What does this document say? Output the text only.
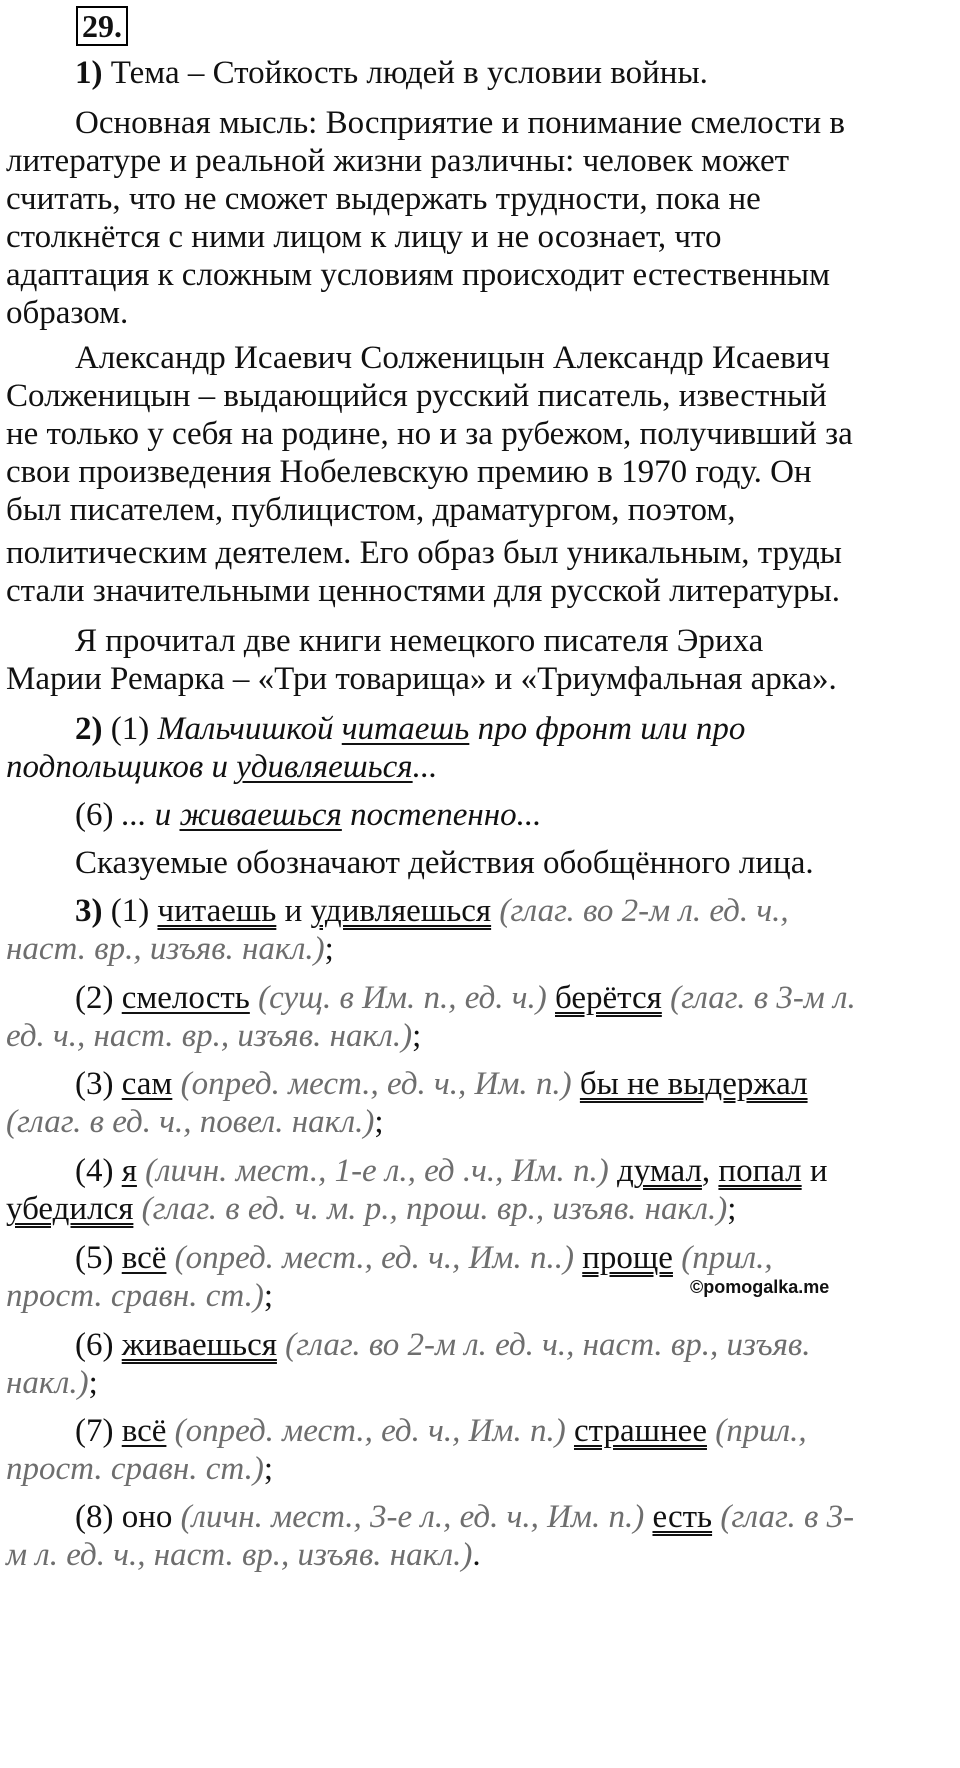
29.
1) Тема – Стойкость людей в условии войны.
Основная мысль: Восприятие и понимание смелости в
литературе и реальной жизни различны: человек может
считать, что не сможет выдержать трудности, пока не
столкнётся с ними лицом к лицу и не осознает, что
адаптация к сложным условиям происходит естественным
образом.
Александр Исаевич Солженицын Александр Исаевич
Солженицын – выдающийся русский писатель, известный
не только у себя на родине, но и за рубежом, получивший за
свои произведения Нобелевскую премию в 1970 году. Он
был писателем, публицистом, драматургом, поэтом,
политическим деятелем. Его образ был уникальным, труды
стали значительными ценностями для русской литературы.
Я прочитал две книги немецкого писателя Эриха
Марии Ремарка – «Три товарища» и «Триумфальная арка».
2) (1) Мальчишкой читаешь про фронт или про
подпольщиков и удивляешься...
(6) ... и живаешься постепенно...
Сказуемые обозначают действия обобщённого лица.
3) (1) читаешь и удивляешься (глаг. во 2-м л. ед. ч.,
наст. вр., изъяв. накл.);
(2) смелость (сущ. в Им. п., ед. ч.) берётся (глаг. в 3-м л.
ед. ч., наст. вр., изъяв. накл.);
(3) сам (опред. мест., ед. ч., Им. п.) бы не выдержал
(глаг. в ед. ч., повел. накл.);
©pomogalka.me
(4) я (личн. мест., 1-е л., ед .ч., Им. п.) думал, попал и
убедился (глаг. в ед. ч. м. р., прош. вр., изъяв. накл.);
(5) всё (опред. мест., ед. ч., Им. п..) проще (прил.,
прост. сравн. ст.);
(6) живаешься (глаг. во 2-м л. ед. ч., наст. вр., изъяв.
накл.);
(7) всё (опред. мест., ед. ч., Им. п.) страшнее (прил.,
прост. сравн. ст.);
(8) оно (личн. мест., 3-е л., ед. ч., Им. п.) есть (глаг. в 3-
м л. ед. ч., наст. вр., изъяв. накл.).
